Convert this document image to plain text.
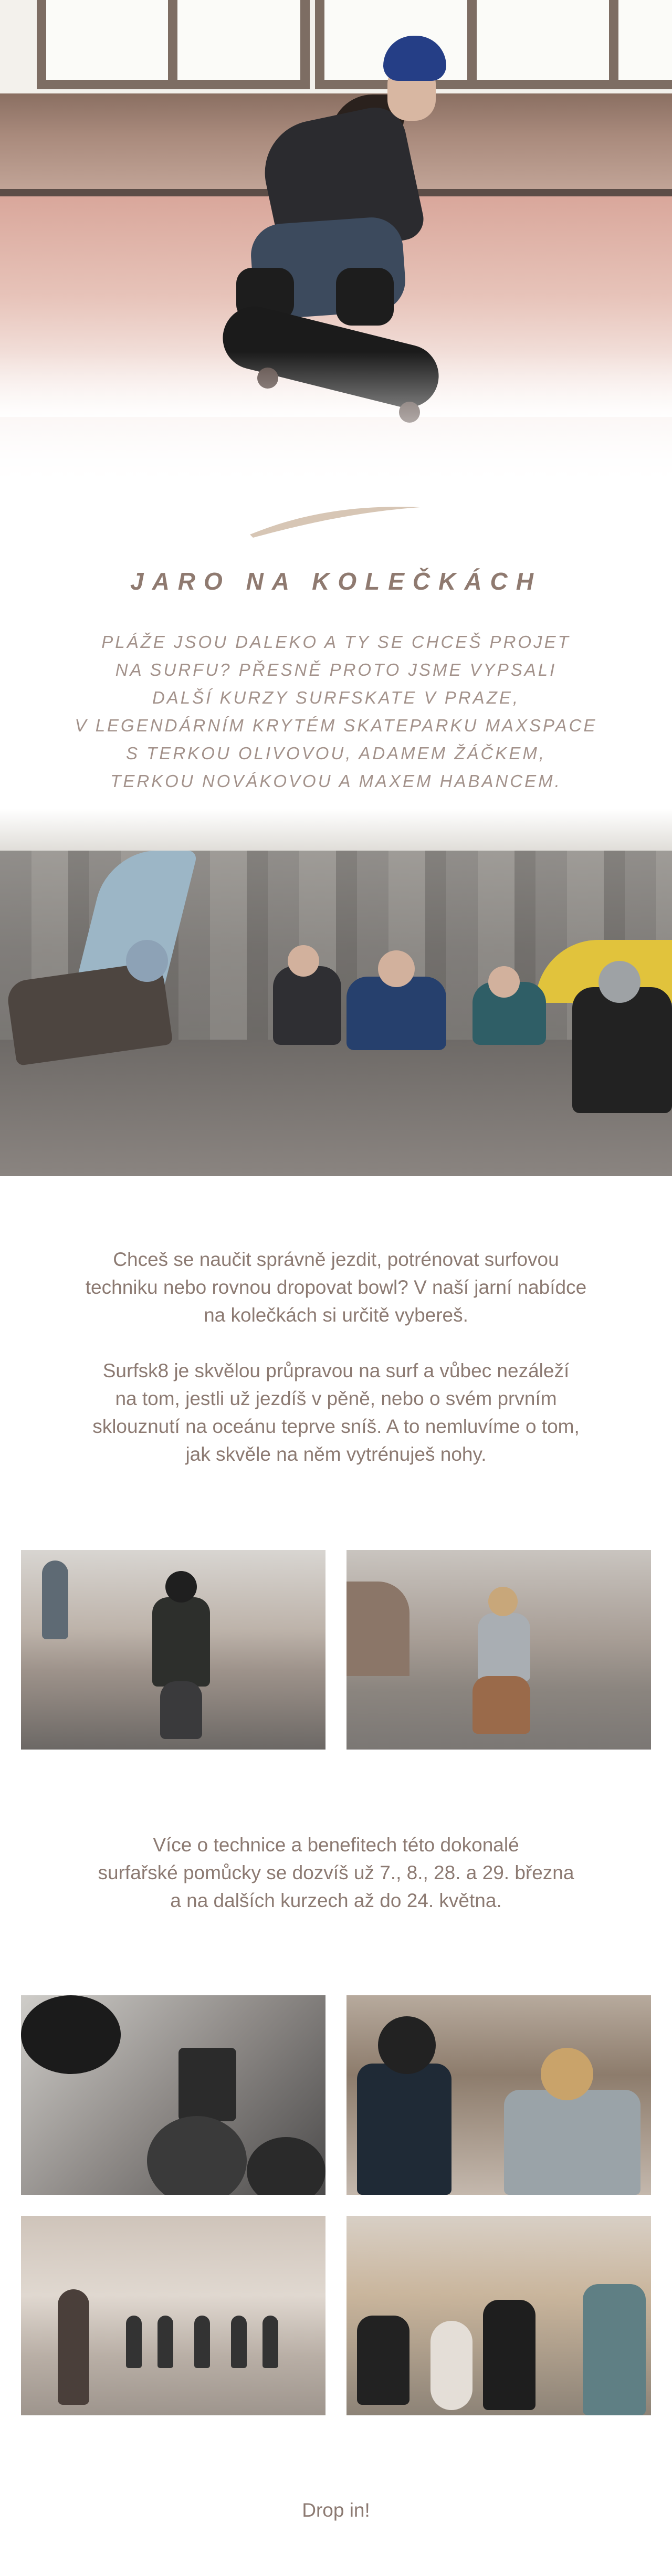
JARO NA KOLEČKÁCH
PLÁŽE JSOU DALEKO A TY SE CHCEŠ PROJET
NA SURFU? PŘESNĚ PROTO JSME VYPSALI
DALŠÍ KURZY SURFSKATE V PRAZE,
V LEGENDÁRNÍM KRYTÉM SKATEPARKU MAXSPACE
S TERKOU OLIVOVOU, ADAMEM ŽÁČKEM,
TERKOU NOVÁKOVOU A MAXEM HABANCEM.
Chceš se naučit správně jezdit, potrénovat surfovou
techniku nebo rovnou dropovat bowl? V naší jarní nabídce
na kolečkách si určitě vybereš.
Surfsk8 je skvělou průpravou na surf a vůbec nezáleží
na tom, jestli už jezdíš v pěně, nebo o svém prvním
sklouznutí na oceánu teprve sníš. A to nemluvíme o tom,
jak skvěle na něm vytrénuješ nohy.
Více o technice a benefitech této dokonalé
surfařské pomůcky se dozvíš už 7., 8., 28. a 29. března
a na dalších kurzech až do 24. května.
Drop in!
